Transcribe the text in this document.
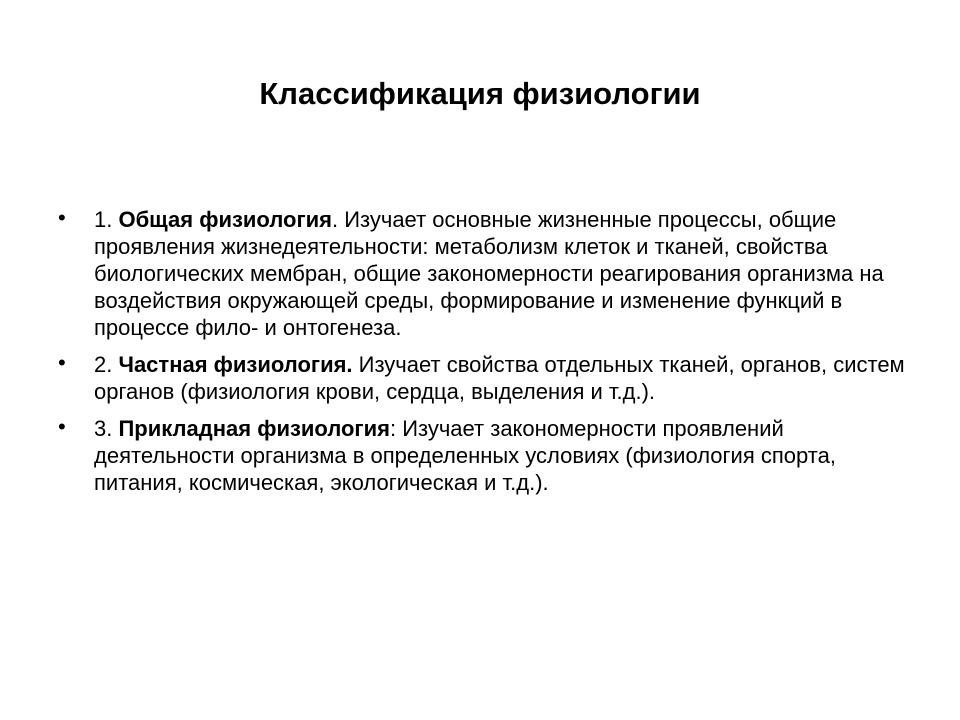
Классификация физиологии
• 1. Общая физиология. Изучает основные жизненные процессы, общие проявления жизнедеятельности: метаболизм клеток и тканей, свойства биологических мембран, общие закономерности реагирования организма на воздействия окружающей среды, формирование и изменение функций в процессе фило- и онтогенеза.
• 2. Частная физиология. Изучает свойства отдельных тканей, органов, систем органов (физиология крови, сердца, выделения и т.д.).
• 3. Прикладная физиология: Изучает закономерности проявлений деятельности организма в определенных условиях (физиология спорта, питания, космическая, экологическая и т.д.).
